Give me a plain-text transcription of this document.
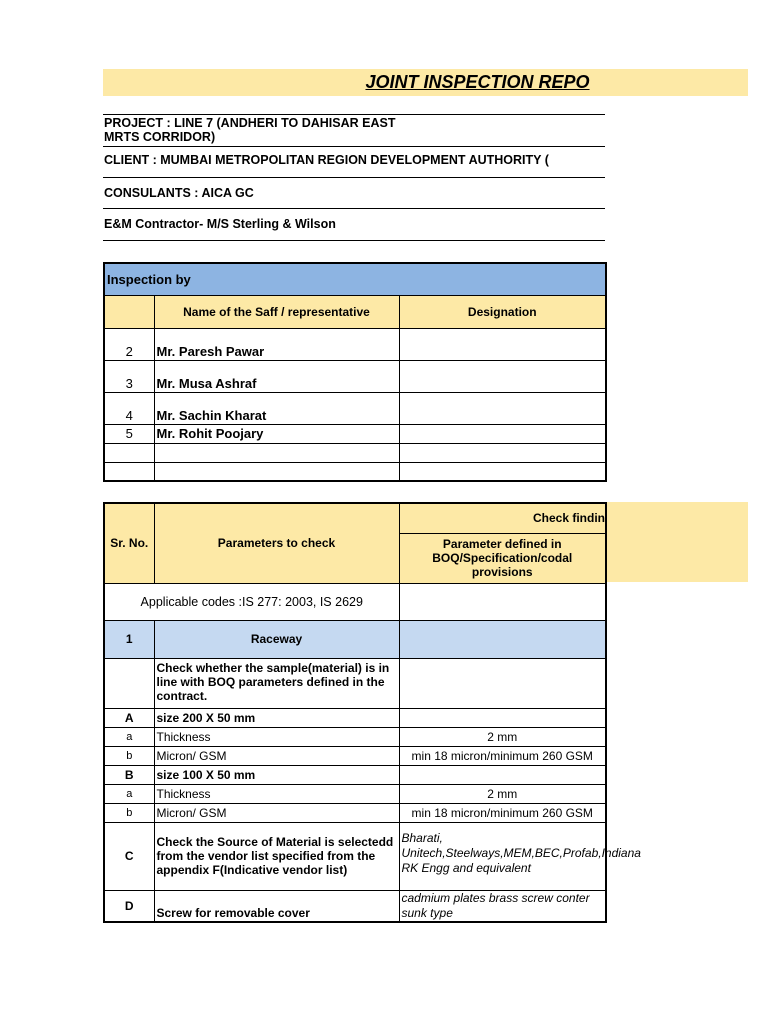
JOINT INSPECTION REPO
PROJECT : LINE 7 (ANDHERI TO DAHISAR EAST
MRTS CORRIDOR)
CLIENT : MUMBAI METROPOLITAN REGION DEVELOPMENT AUTHORITY (
CONSULANTS : AICA GC
E&M Contractor- M/S Sterling & Wilson
Inspection by		
	Name of the Saff / representative	Designation
2	Mr. Paresh Pawar	
3	Mr. Musa Ashraf	
4	Mr. Sachin Kharat	
5	Mr. Rohit Poojary	

Sr. No.	Parameters to check	Check findin
		Parameter defined in BOQ/Specification/codal provisions
Applicable codes :IS 277: 2003, IS 2629		
1	Raceway	
	Check whether the sample(material) is in line with BOQ parameters defined in the contract.	
A	size 200 X 50 mm	
a	Thickness	2 mm
b	Micron/ GSM	min 18 micron/minimum 260 GSM
B	size 100 X 50 mm	
a	Thickness	2 mm
b	Micron/ GSM	min 18 micron/minimum 260 GSM
C	Check the Source of Material is selectedd from the vendor list specified from the appendix F(Indicative vendor list)	Bharati, Unitech,Steelways,MEM,BEC,Profab,Indiana RK Engg and equivalent
D	Screw for removable cover	cadmium plates brass screw conter sunk type
